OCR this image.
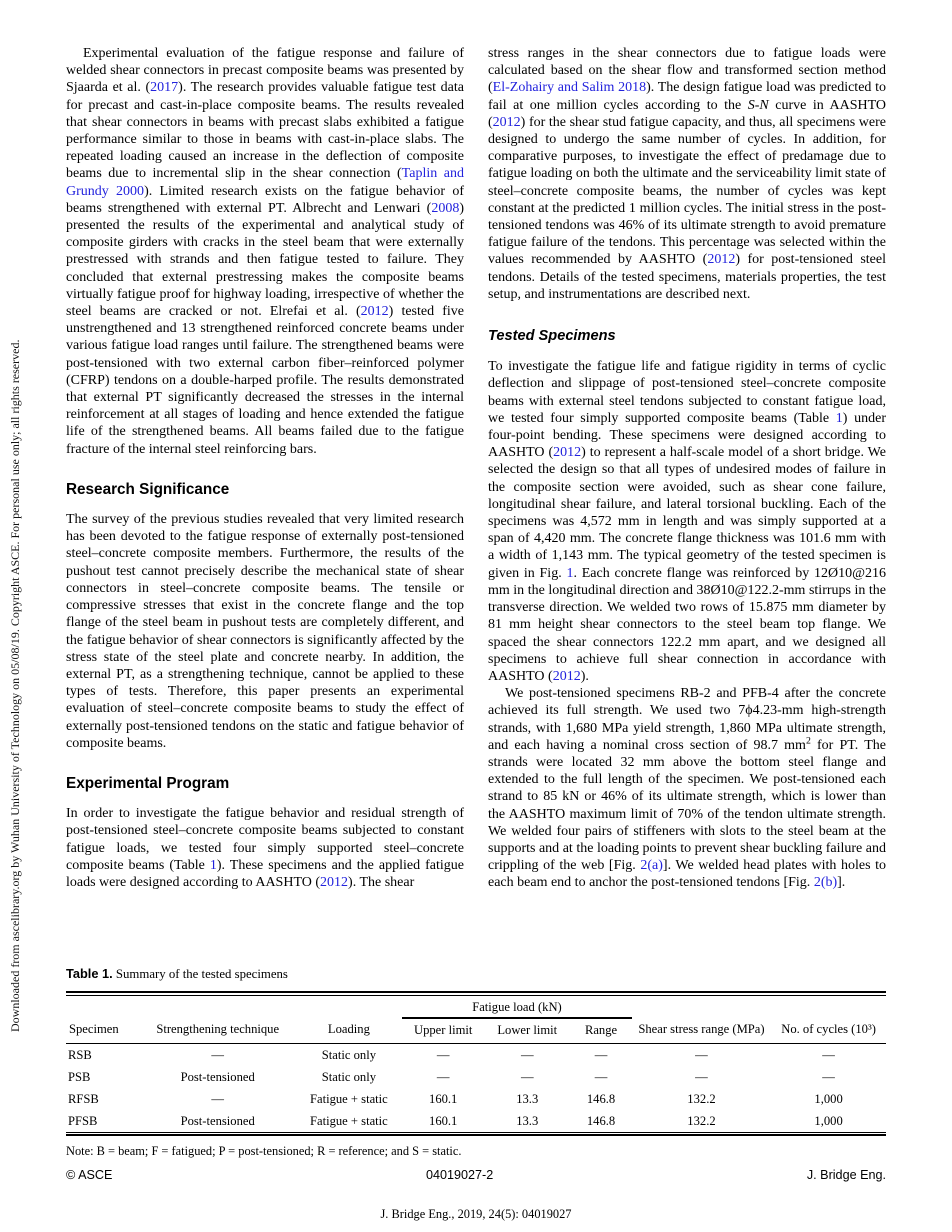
Downloaded from ascelibrary.org by Wuhan University of Technology on 05/08/19. Copyright ASCE. For personal use only; all rights reserved.

Experimental evaluation of the fatigue response and failure of welded shear connectors in precast composite beams was presented by Sjaarda et al. (2017). The research provides valuable fatigue test data for precast and cast-in-place composite beams. The results revealed that shear connectors in beams with precast slabs exhibited a fatigue performance similar to those in beams with cast-in-place slabs. The repeated loading caused an increase in the deflection of composite beams due to incremental slip in the shear connection (Taplin and Grundy 2000). Limited research exists on the fatigue behavior of beams strengthened with external PT. Albrecht and Lenwari (2008) presented the results of the experimental and analytical study of composite girders with cracks in the steel beam that were externally prestressed with strands and then fatigue tested to failure. They concluded that external prestressing makes the composite beams virtually fatigue proof for highway loading, irrespective of whether the steel beams are cracked or not. Elrefai et al. (2012) tested five unstrengthened and 13 strengthened reinforced concrete beams under various fatigue load ranges until failure. The strengthened beams were post-tensioned with two external carbon fiber–reinforced polymer (CFRP) tendons on a double-harped profile. The results demonstrated that external PT significantly decreased the stresses in the internal reinforcement at all stages of loading and hence extended the fatigue life of the strengthened beams. All beams failed due to the fatigue fracture of the internal steel reinforcing bars.

Research Significance

The survey of the previous studies revealed that very limited research has been devoted to the fatigue response of externally post-tensioned steel–concrete composite members. Furthermore, the results of the pushout test cannot precisely describe the mechanical state of shear connectors in steel–concrete composite beams. The tensile or compressive stresses that exist in the concrete flange and the top flange of the steel beam in pushout tests are completely different, and the fatigue behavior of shear connectors is significantly affected by the stress state of the steel plate and concrete nearby. In addition, the external PT, as a strengthening technique, cannot be applied to these types of tests. Therefore, this paper presents an experimental evaluation of steel–concrete composite beams to study the effect of externally post-tensioned tendons on the static and fatigue behavior of composite beams.

Experimental Program

In order to investigate the fatigue behavior and residual strength of post-tensioned steel–concrete composite beams subjected to constant fatigue loads, we tested four simply supported steel–concrete composite beams (Table 1). These specimens and the applied fatigue loads were designed according to AASHTO (2012). The shear

stress ranges in the shear connectors due to fatigue loads were calculated based on the shear flow and transformed section method (El-Zohairy and Salim 2018). The design fatigue load was predicted to fail at one million cycles according to the S-N curve in AASHTO (2012) for the shear stud fatigue capacity, and thus, all specimens were designed to undergo the same number of cycles. In addition, for comparative purposes, to investigate the effect of predamage due to fatigue loading on both the ultimate and the serviceability limit state of steel–concrete composite beams, the number of cycles was kept constant at the predicted 1 million cycles. The initial stress in the post-tensioned tendons was 46% of its ultimate strength to avoid premature fatigue failure of the tendons. This percentage was selected within the values recommended by AASHTO (2012) for post-tensioned steel tendons. Details of the tested specimens, materials properties, the test setup, and instrumentations are described next.

Tested Specimens

To investigate the fatigue life and fatigue rigidity in terms of cyclic deflection and slippage of post-tensioned steel–concrete composite beams with external steel tendons subjected to constant fatigue load, we tested four simply supported composite beams (Table 1) under four-point bending. These specimens were designed according to AASHTO (2012) to represent a half-scale model of a short bridge. We selected the design so that all types of undesired modes of failure in the composite section were avoided, such as shear cone failure, longitudinal shear failure, and lateral torsional buckling. Each of the specimens was 4,572 mm in length and was simply supported at a span of 4,420 mm. The concrete flange thickness was 101.6 mm with a width of 1,143 mm. The typical geometry of the tested specimen is given in Fig. 1. Each concrete flange was reinforced by 12Ø10@216 mm in the longitudinal direction and 38Ø10@122.2-mm stirrups in the transverse direction. We welded two rows of 15.875 mm diameter by 81 mm height shear connectors to the steel beam top flange. We spaced the shear connectors 122.2 mm apart, and we designed all specimens to achieve full shear connection in accordance with AASHTO (2012).

We post-tensioned specimens RB-2 and PFB-4 after the concrete achieved its full strength. We used two 7ϕ4.23-mm high-strength strands, with 1,680 MPa yield strength, 1,860 MPa ultimate strength, and each having a nominal cross section of 98.7 $mm^2$ for PT. The strands were located 32 mm above the bottom steel flange and extended to the full length of the specimen. We post-tensioned each strand to 85 kN or 46% of its ultimate strength, which is lower than the AASHTO maximum limit of 70% of the tendon ultimate strength. We welded four pairs of stiffeners with slots to the steel beam at the supports and at the loading points to prevent shear buckling failure and crippling of the web [Fig. 2(a)]. We welded head plates with holes to each beam end to anchor the post-tensioned tendons [Fig. 2(b)].

Table 1. Summary of the tested specimens

			Fatigue load (kN)				
Specimen	Strengthening technique	Loading	Upper limit	Lower limit	Range	Shear stress range (MPa)	No. of cycles (10³)
RSB	—	Static only	—	—	—	—	—
PSB	Post-tensioned	Static only	—	—	—	—	—
RFSB	—	Fatigue + static	160.1	13.3	146.8	132.2	1,000
PFSB	Post-tensioned	Fatigue + static	160.1	13.3	146.8	132.2	1,000

Note: B = beam; F = fatigued; P = post-tensioned; R = reference; and S = static.

© ASCE	04019027-2	J. Bridge Eng.
J. Bridge Eng., 2019, 24(5): 04019027
